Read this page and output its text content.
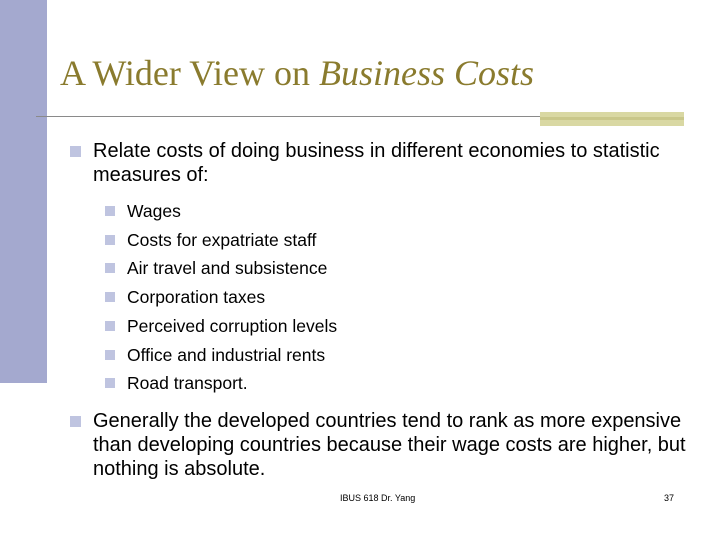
A Wider View on Business Costs

Relate costs of doing business in different economies to statistic measures of:

Wages
Costs for expatriate staff
Air travel and subsistence
Corporation taxes
Perceived corruption levels
Office and industrial rents
Road transport.

Generally the developed countries tend to rank as more expensive than developing countries because their wage costs are higher, but nothing is absolute.

IBUS 618 Dr. Yang	37
